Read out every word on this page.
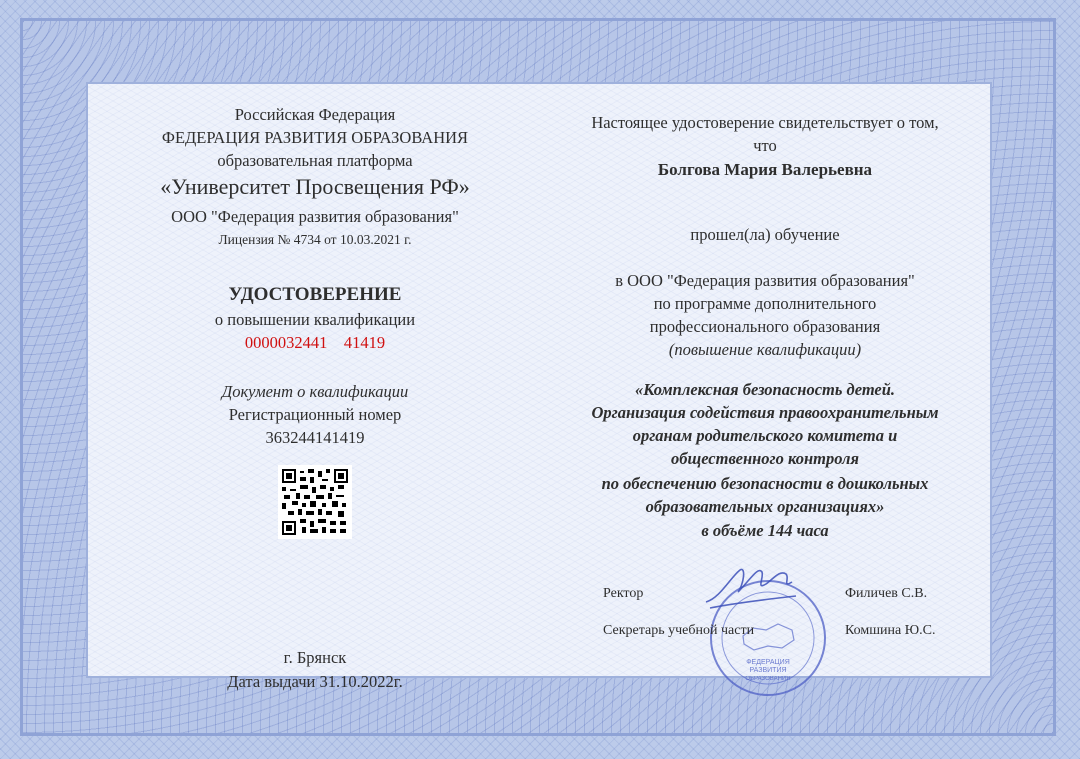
Российская Федерация
ФЕДЕРАЦИЯ РАЗВИТИЯ ОБРАЗОВАНИЯ
образовательная платформа
«Университет Просвещения РФ»
ООО "Федерация развития образования"
Лицензия № 4734 от 10.03.2021 г.
УДОСТОВЕРЕНИЕ
о повышении квалификации
0000032441    41419
Документ о квалификации
Регистрационный номер
363244141419
г. Брянск
Дата выдачи 31.10.2022г.
Настоящее удостоверение свидетельствует о том,
что
Болгова Мария Валерьевна
прошел(ла) обучение
в ООО "Федерация развития образования"
по программе дополнительного
профессионального образования
(повышение квалификации)
«Комплексная безопасность детей.
Организация содействия правоохранительным
органам родительского комитета и
общественного контроля
по обеспечению безопасности в дошкольных
образовательных организациях»
в объёме 144 часа
ФЕДЕРАЦИЯ
РАЗВИТИЯ
ОБРАЗОВАНИЯ
Ректор	Филичев С.В.
Секретарь учебной части	Комшина Ю.С.
